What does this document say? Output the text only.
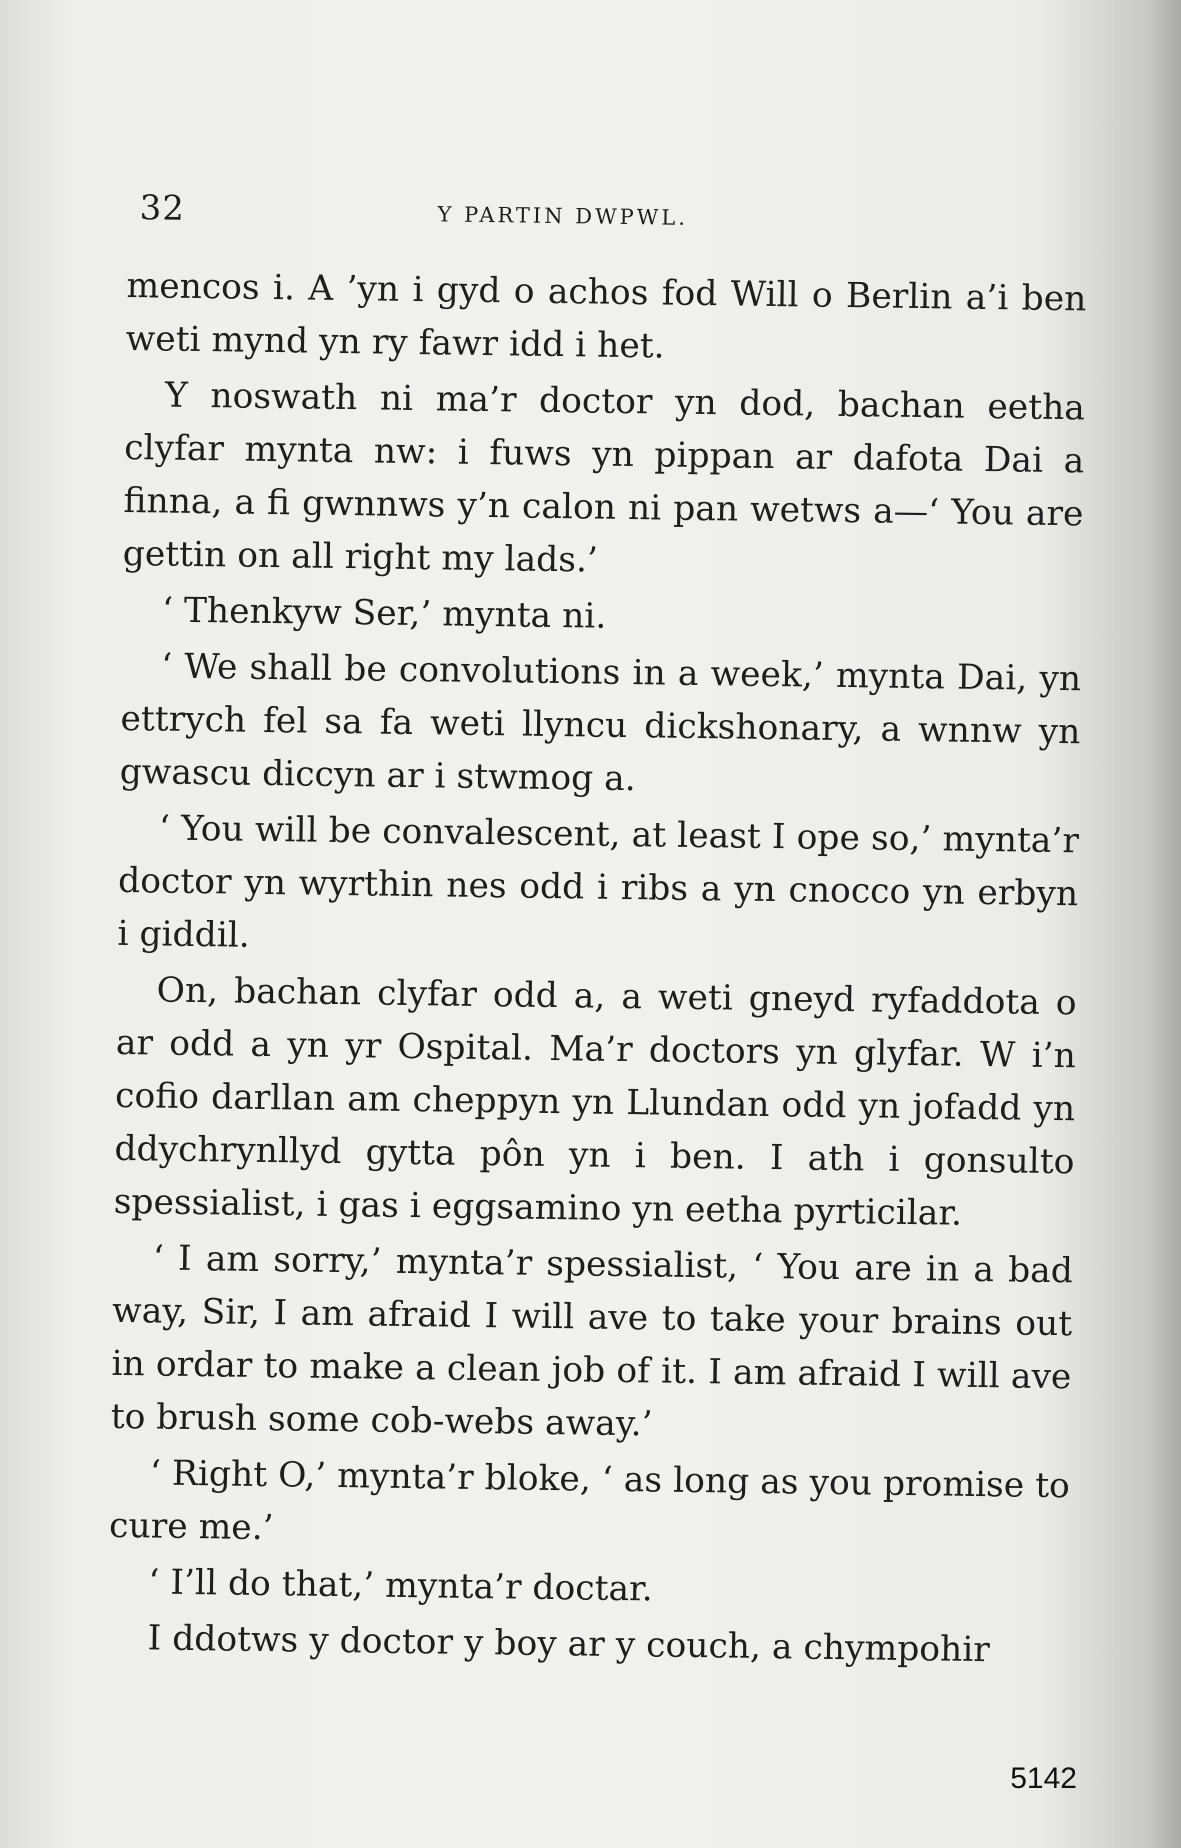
32	Y PARTIN DWPWL.

mencos i. A ’yn i gyd o achos fod Will o Berlin a’i ben weti mynd yn ry fawr idd i het.

Y noswath ni ma’r doctor yn dod, bachan eetha clyfar mynta nw: i fuws yn pippan ar dafota Dai a finna, a fi gwnnws y’n calon ni pan wetws a—‘ You are gettin on all right my lads.’

‘ Thenkyw Ser,’ mynta ni.

‘ We shall be convolutions in a week,’ mynta Dai, yn ettrych fel sa fa weti llyncu dickshonary, a wnnw yn gwascu diccyn ar i stwmog a.

‘ You will be convalescent, at least I ope so,’ mynta’r doctor yn wyrthin nes odd i ribs a yn cnocco yn erbyn i giddil.

On, bachan clyfar odd a, a weti gneyd ryfaddota o ar odd a yn yr Ospital. Ma’r doctors yn glyfar. W i’n cofio darllan am cheppyn yn Llundan odd yn jofadd yn ddychrynllyd gytta pôn yn i ben. I ath i gonsulto spessialist, i gas i eggsamino yn eetha pyrticilar.

‘ I am sorry,’ mynta’r spessialist, ‘ You are in a bad way, Sir, I am afraid I will ave to take your brains out in ordar to make a clean job of it. I am afraid I will ave to brush some cob-webs away.’

‘ Right O,’ mynta’r bloke, ‘ as long as you promise to cure me.’

‘ I’ll do that,’ mynta’r doctar.

I ddotws y doctor y boy ar y couch, a chympohir

5142
